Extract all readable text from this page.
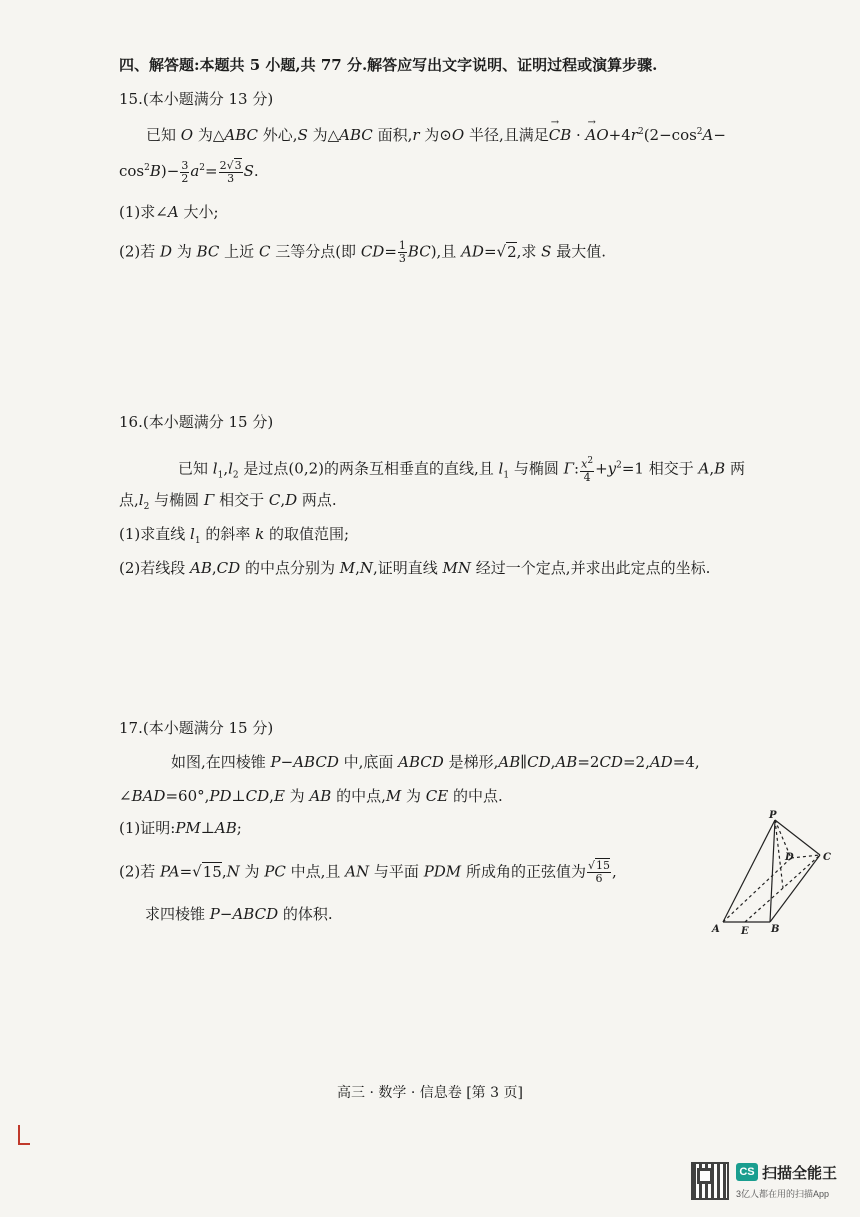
四、解答题:本题共 5 小题,共 77 分.解答应写出文字说明、证明过程或演算步骤.
15.(本小题满分 13 分)
已知 O 为△ABC 外心,S 为△ABC 面积,r 为⊙O 半径,且满足→ CB · → $AO+4r^2(2-\cos^2A-$
$\cos^2B)- \frac{3}{2} a^2= \frac{2√3}{3} S$.
(1)求∠A 大小;
(2)若 D 为 BC 上近 C 三等分点(即 $CD= \frac{1}{3} BC$),且 AD=√2,求 S 最大值.
16.(本小题满分 15 分)
已知 $l_1,l_2$ 是过点(0,2)的两条互相垂直的直线,且 $l_1$ 与椭圆 Γ: $\frac{x^2}{4} +y^2=1$ 相交于 A,B 两
点$,l_2$ 与椭圆 Γ 相交于 C,D 两点.
(1)求直线 $l_1$ 的斜率 k 的取值范围;
(2)若线段 AB,CD 的中点分别为 M,N,证明直线 MN 经过一个定点,并求出此定点的坐标.
17.(本小题满分 15 分)
如图,在四棱锥 P−ABCD 中,底面 ABCD 是梯形,AB∥CD,AB=2CD=2,AD=4,
∠BAD=60°,PD⊥CD,E 为 AB 的中点,M 为 CE 的中点.
(1)证明:PM⊥AB;
(2)若 PA=√15,N 为 PC 中点,且 AN 与平面 PDM 所成角的正弦值为 $\frac{√15}{6}$ ,
求四棱锥 P−ABCD 的体积.
P
D	C
A E B
高三 · 数学 · 信息卷 [第 3 页]
CS 扫描全能王
3亿人都在用的扫描App
